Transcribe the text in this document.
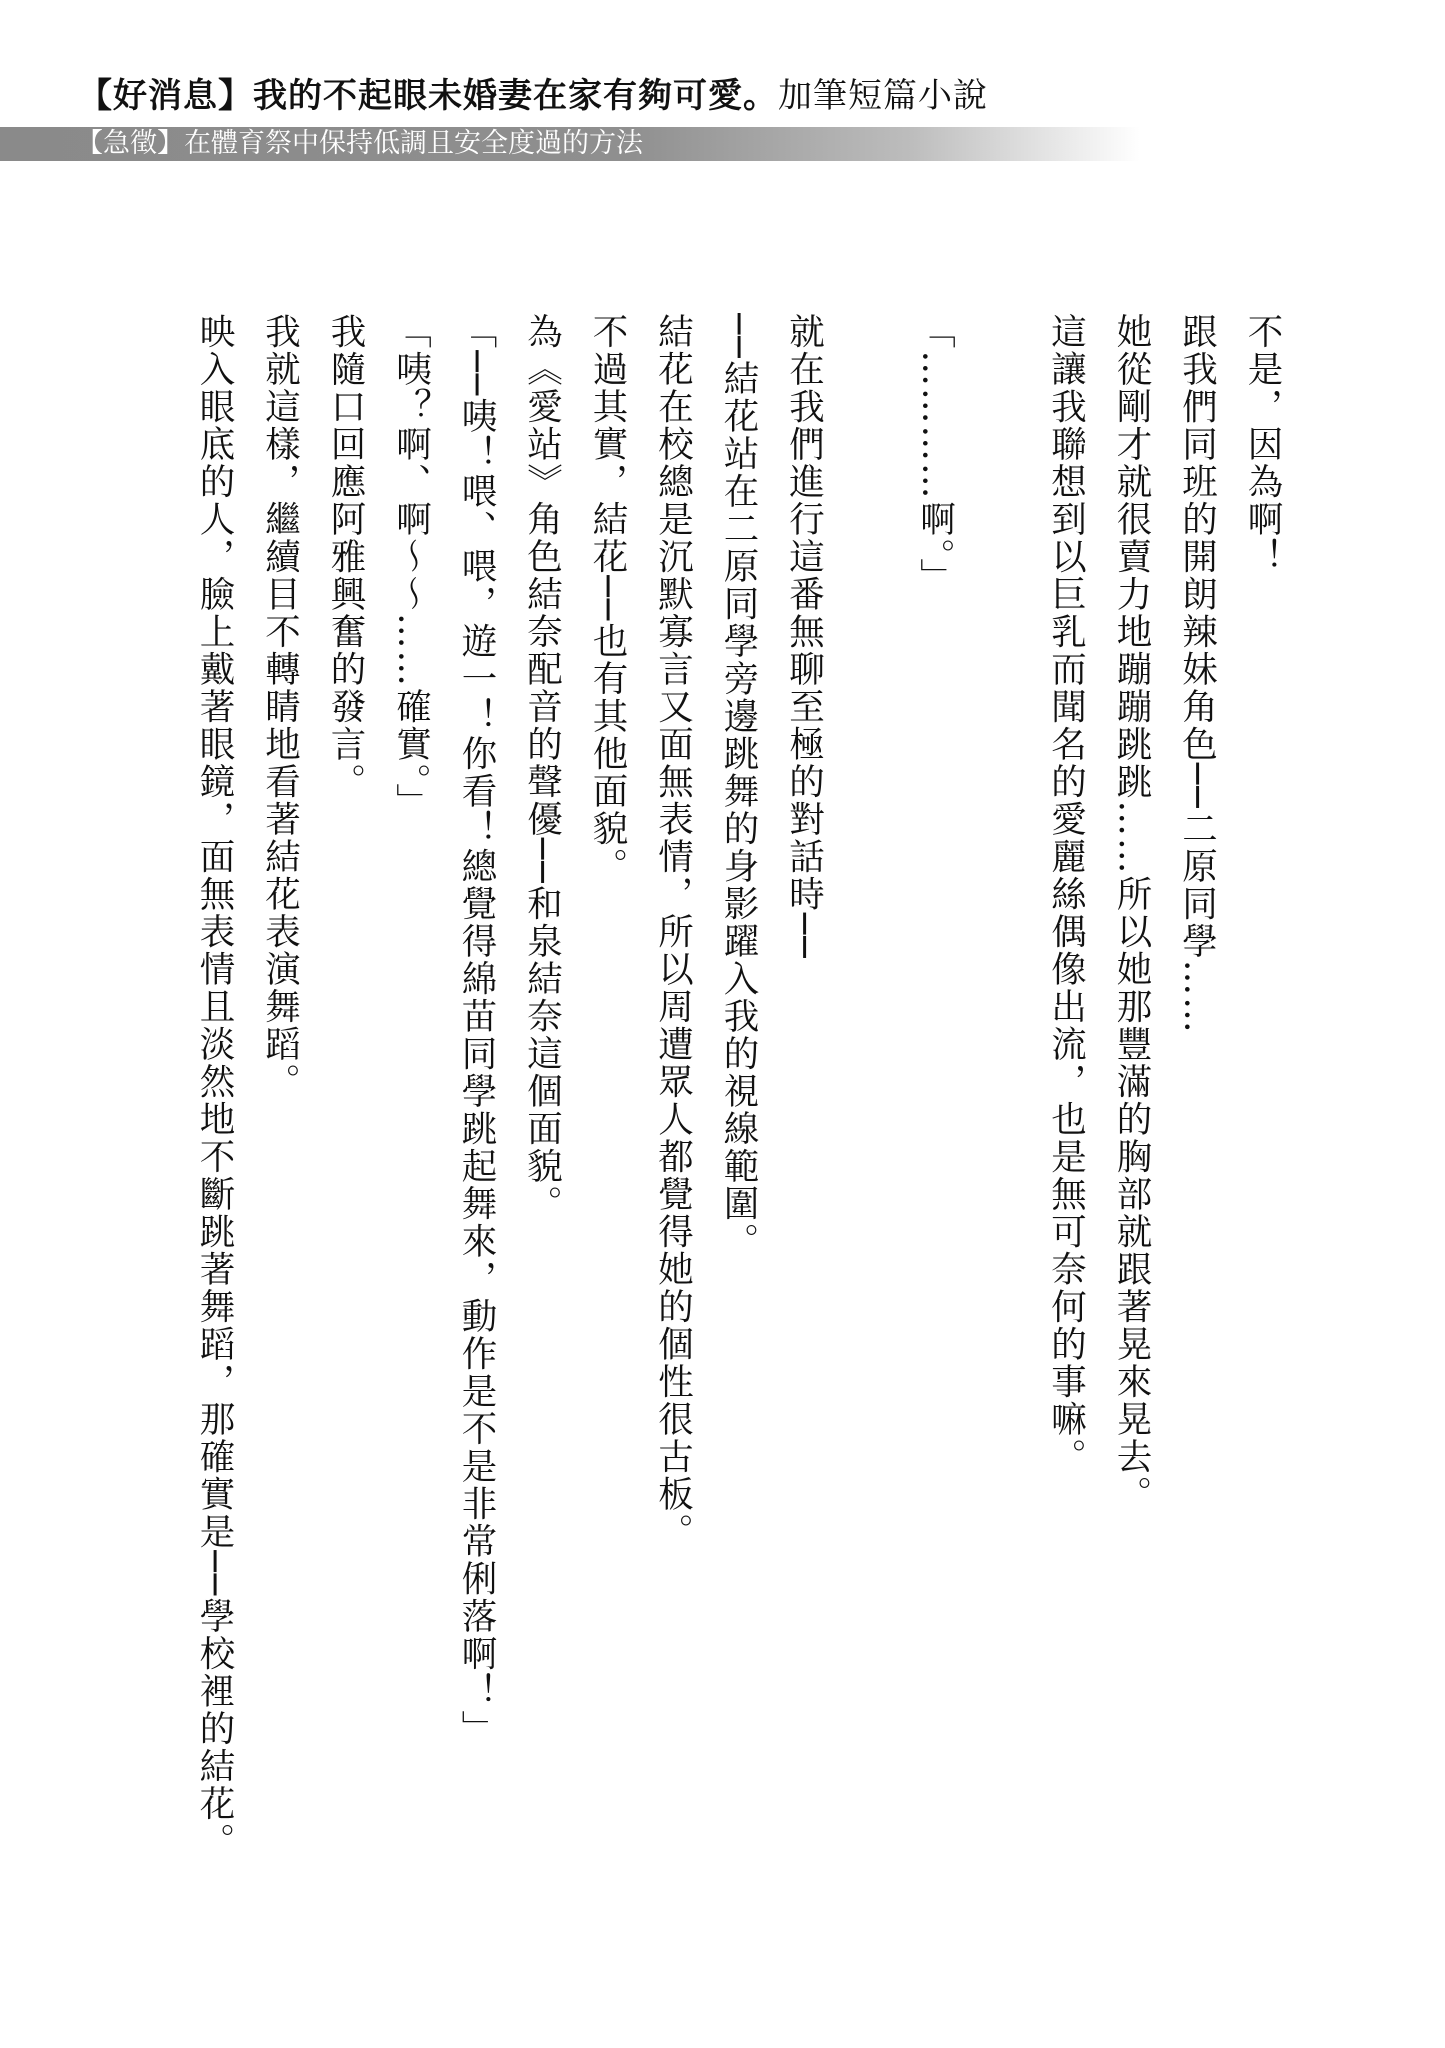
【好消息】我的不起眼未婚妻在家有夠可愛。加筆短篇小說
【急徵】在體育祭中保持低調且安全度過的方法

不是，因為啊！

跟我們同班的開朗辣妹角色──二原同學……

她從剛才就很賣力地蹦蹦跳跳……所以她那豐滿的胸部就跟著晃來晃去。

這讓我聯想到以巨乳而聞名的愛麗絲偶像出流，也是無可奈何的事嘛。

「…………啊。」

就在我們進行這番無聊至極的對話時──

──結花站在二原同學旁邊跳舞的身影躍入我的視線範圍。

結花在校總是沉默寡言又面無表情，所以周遭眾人都覺得她的個性很古板。

不過其實，結花──也有其他面貌。

為《愛站》角色結奈配音的聲優──和泉結奈這個面貌。

「──咦！喂、喂，遊一！你看！總覺得綿苗同學跳起舞來，動作是不是非常俐落啊！」

「咦？啊、啊～～……確實。」

我隨口回應阿雅興奮的發言。

我就這樣，繼續目不轉睛地看著結花表演舞蹈。

映入眼底的人，臉上戴著眼鏡，面無表情且淡然地不斷跳著舞蹈，那確實是──學校裡的結花。
